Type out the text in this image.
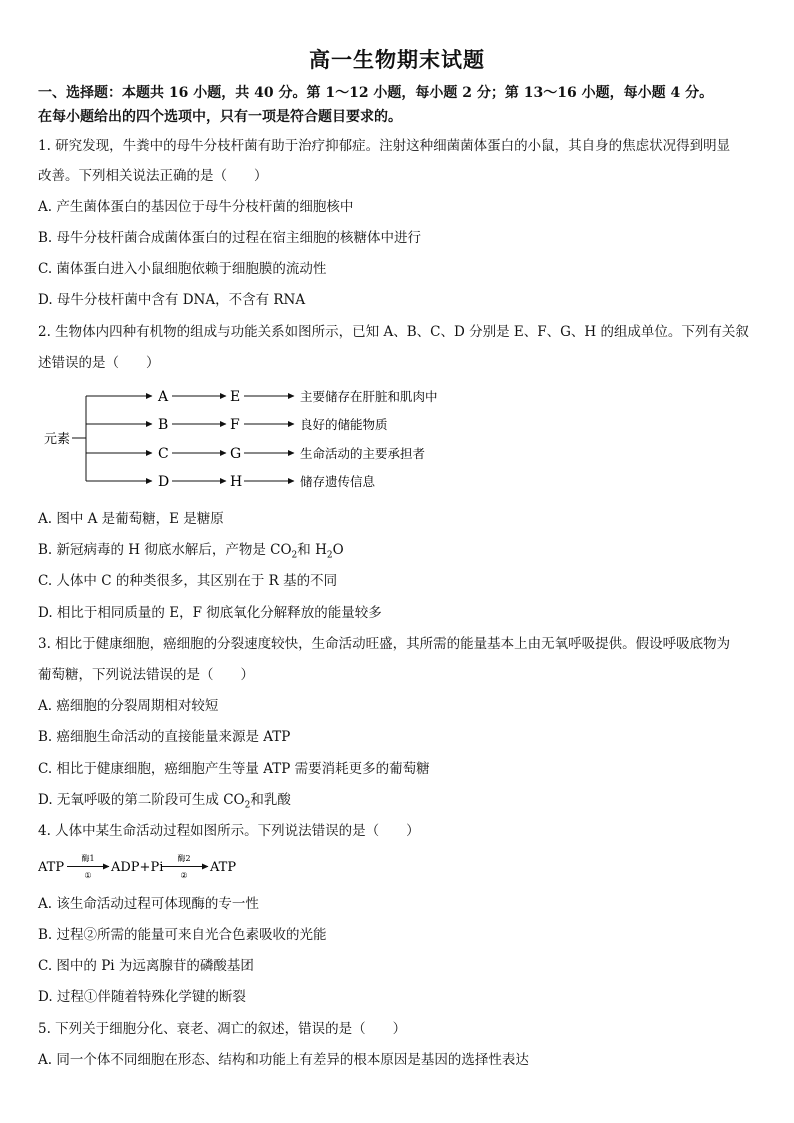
高一生物期末试题
一、选择题：本题共 16 小题，共 40 分。第 1～12 小题，每小题 2 分；第 13～16 小题，每小题 4 分。
在每小题给出的四个选项中，只有一项是符合题目要求的。
1. 研究发现，牛粪中的母牛分枝杆菌有助于治疗抑郁症。注射这种细菌菌体蛋白的小鼠，其自身的焦虑状况得到明显
改善。下列相关说法正确的是（　　）
A. 产生菌体蛋白的基因位于母牛分枝杆菌的细胞核中
B. 母牛分枝杆菌合成菌体蛋白的过程在宿主细胞的核糖体中进行
C. 菌体蛋白进入小鼠细胞依赖于细胞膜的流动性
D. 母牛分枝杆菌中含有 DNA，不含有 RNA
2. 生物体内四种有机物的组成与功能关系如图所示，已知 A、B、C、D 分别是 E、F、G、H 的组成单位。下列有关叙
述错误的是（　　）
元素
A	E	主要储存在肝脏和肌肉中
B	F	良好的储能物质
C	G	生命活动的主要承担者
D	H	储存遗传信息
A. 图中 A 是葡萄糖，E 是糖原
B. 新冠病毒的 H 彻底水解后，产物是 $CO_2$和 $H_2O$
C. 人体中 C 的种类很多，其区别在于 R 基的不同
D. 相比于相同质量的 E，F 彻底氧化分解释放的能量较多
3. 相比于健康细胞，癌细胞的分裂速度较快，生命活动旺盛，其所需的能量基本上由无氧呼吸提供。假设呼吸底物为
葡萄糖，下列说法错误的是（　　）
A. 癌细胞的分裂周期相对较短
B. 癌细胞生命活动的直接能量来源是 ATP
C. 相比于健康细胞，癌细胞产生等量 ATP 需要消耗更多的葡萄糖
D. 无氧呼吸的第二阶段可生成 $CO_2$和乳酸
4. 人体中某生命活动过程如图所示。下列说法错误的是（　　）
ATP
酶1
①
ADP+Pi
酶2
②
ATP
A. 该生命活动过程可体现酶的专一性
B. 过程②所需的能量可来自光合色素吸收的光能
C. 图中的 Pi 为远离腺苷的磷酸基团
D. 过程①伴随着特殊化学键的断裂
5. 下列关于细胞分化、衰老、凋亡的叙述，错误的是（　　）
A. 同一个体不同细胞在形态、结构和功能上有差异的根本原因是基因的选择性表达
